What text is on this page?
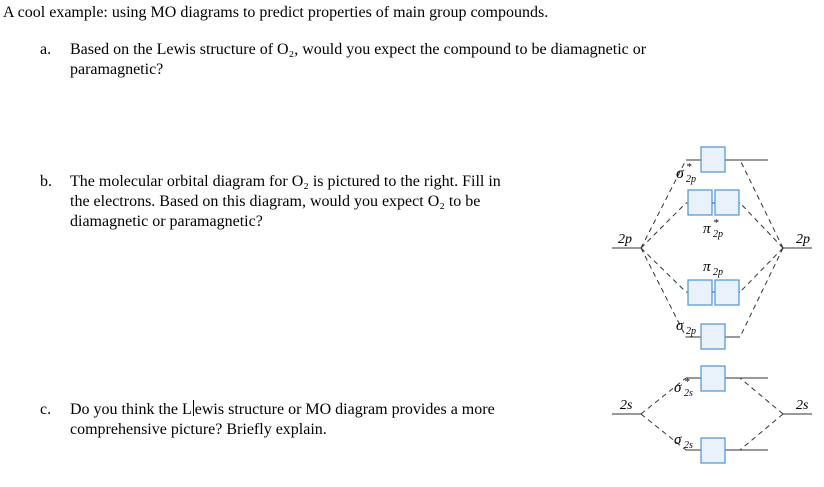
A cool example: using MO diagrams to predict properties of main group compounds.
a. Based on the Lewis structure of O₂, would you expect the compound to be diamagnetic or
paramagnetic?
b. The molecular orbital diagram for O₂ is pictured to the right. Fill in
the electrons. Based on this diagram, would you expect O₂ to be
diamagnetic or paramagnetic?
c. Do you think the L ewis structure or MO diagram provides a more
comprehensive picture? Briefly explain.
2p	2p
2s	2s
σ *
2p
π *
2p
π 2p
σ 2p
σ *
2s
σ 2s
